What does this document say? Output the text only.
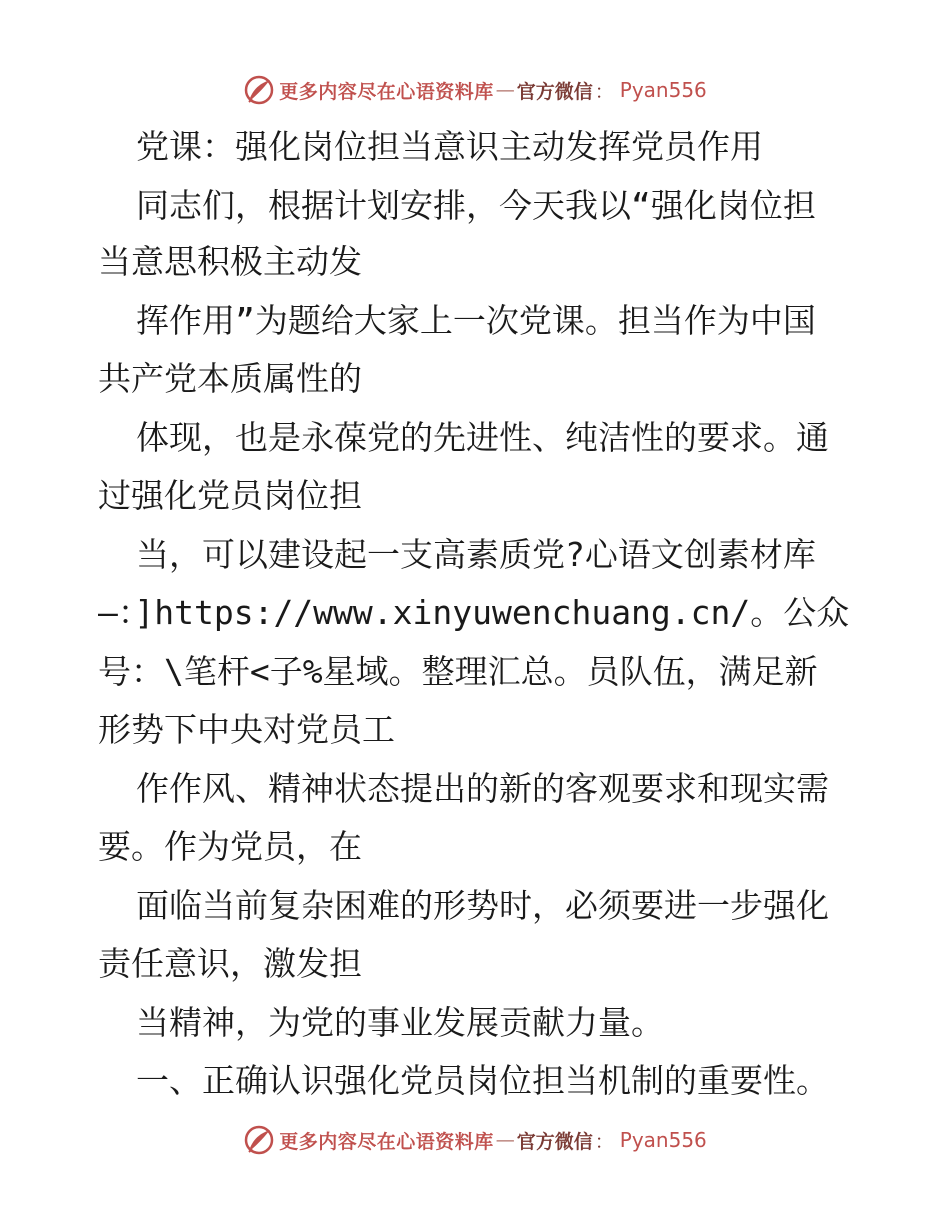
更多内容尽在心语资料库 — 官方微信 ： Pyan556
党课：强化岗位担当意识主动发挥党员作用
同志们，根据计划安排，今天我以“强化岗位担
当意思积极主动发
挥作用”为题给大家上一次党课。担当作为中国
共产党本质属性的
体现，也是永葆党的先进性、纯洁性的要求。通
过强化党员岗位担
当，可以建设起一支高素质党?心语文创素材库
—：]https://www.xinyuwenchuang.cn/。公众
号：\笔杆<子%星域。整理汇总。员队伍，满足新
形势下中央对党员工
作作风、精神状态提出的新的客观要求和现实需
要。作为党员，在
面临当前复杂困难的形势时，必须要进一步强化
责任意识，激发担
当精神，为党的事业发展贡献力量。
一、正确认识强化党员岗位担当机制的重要性。
更多内容尽在心语资料库 — 官方微信 ： Pyan556
